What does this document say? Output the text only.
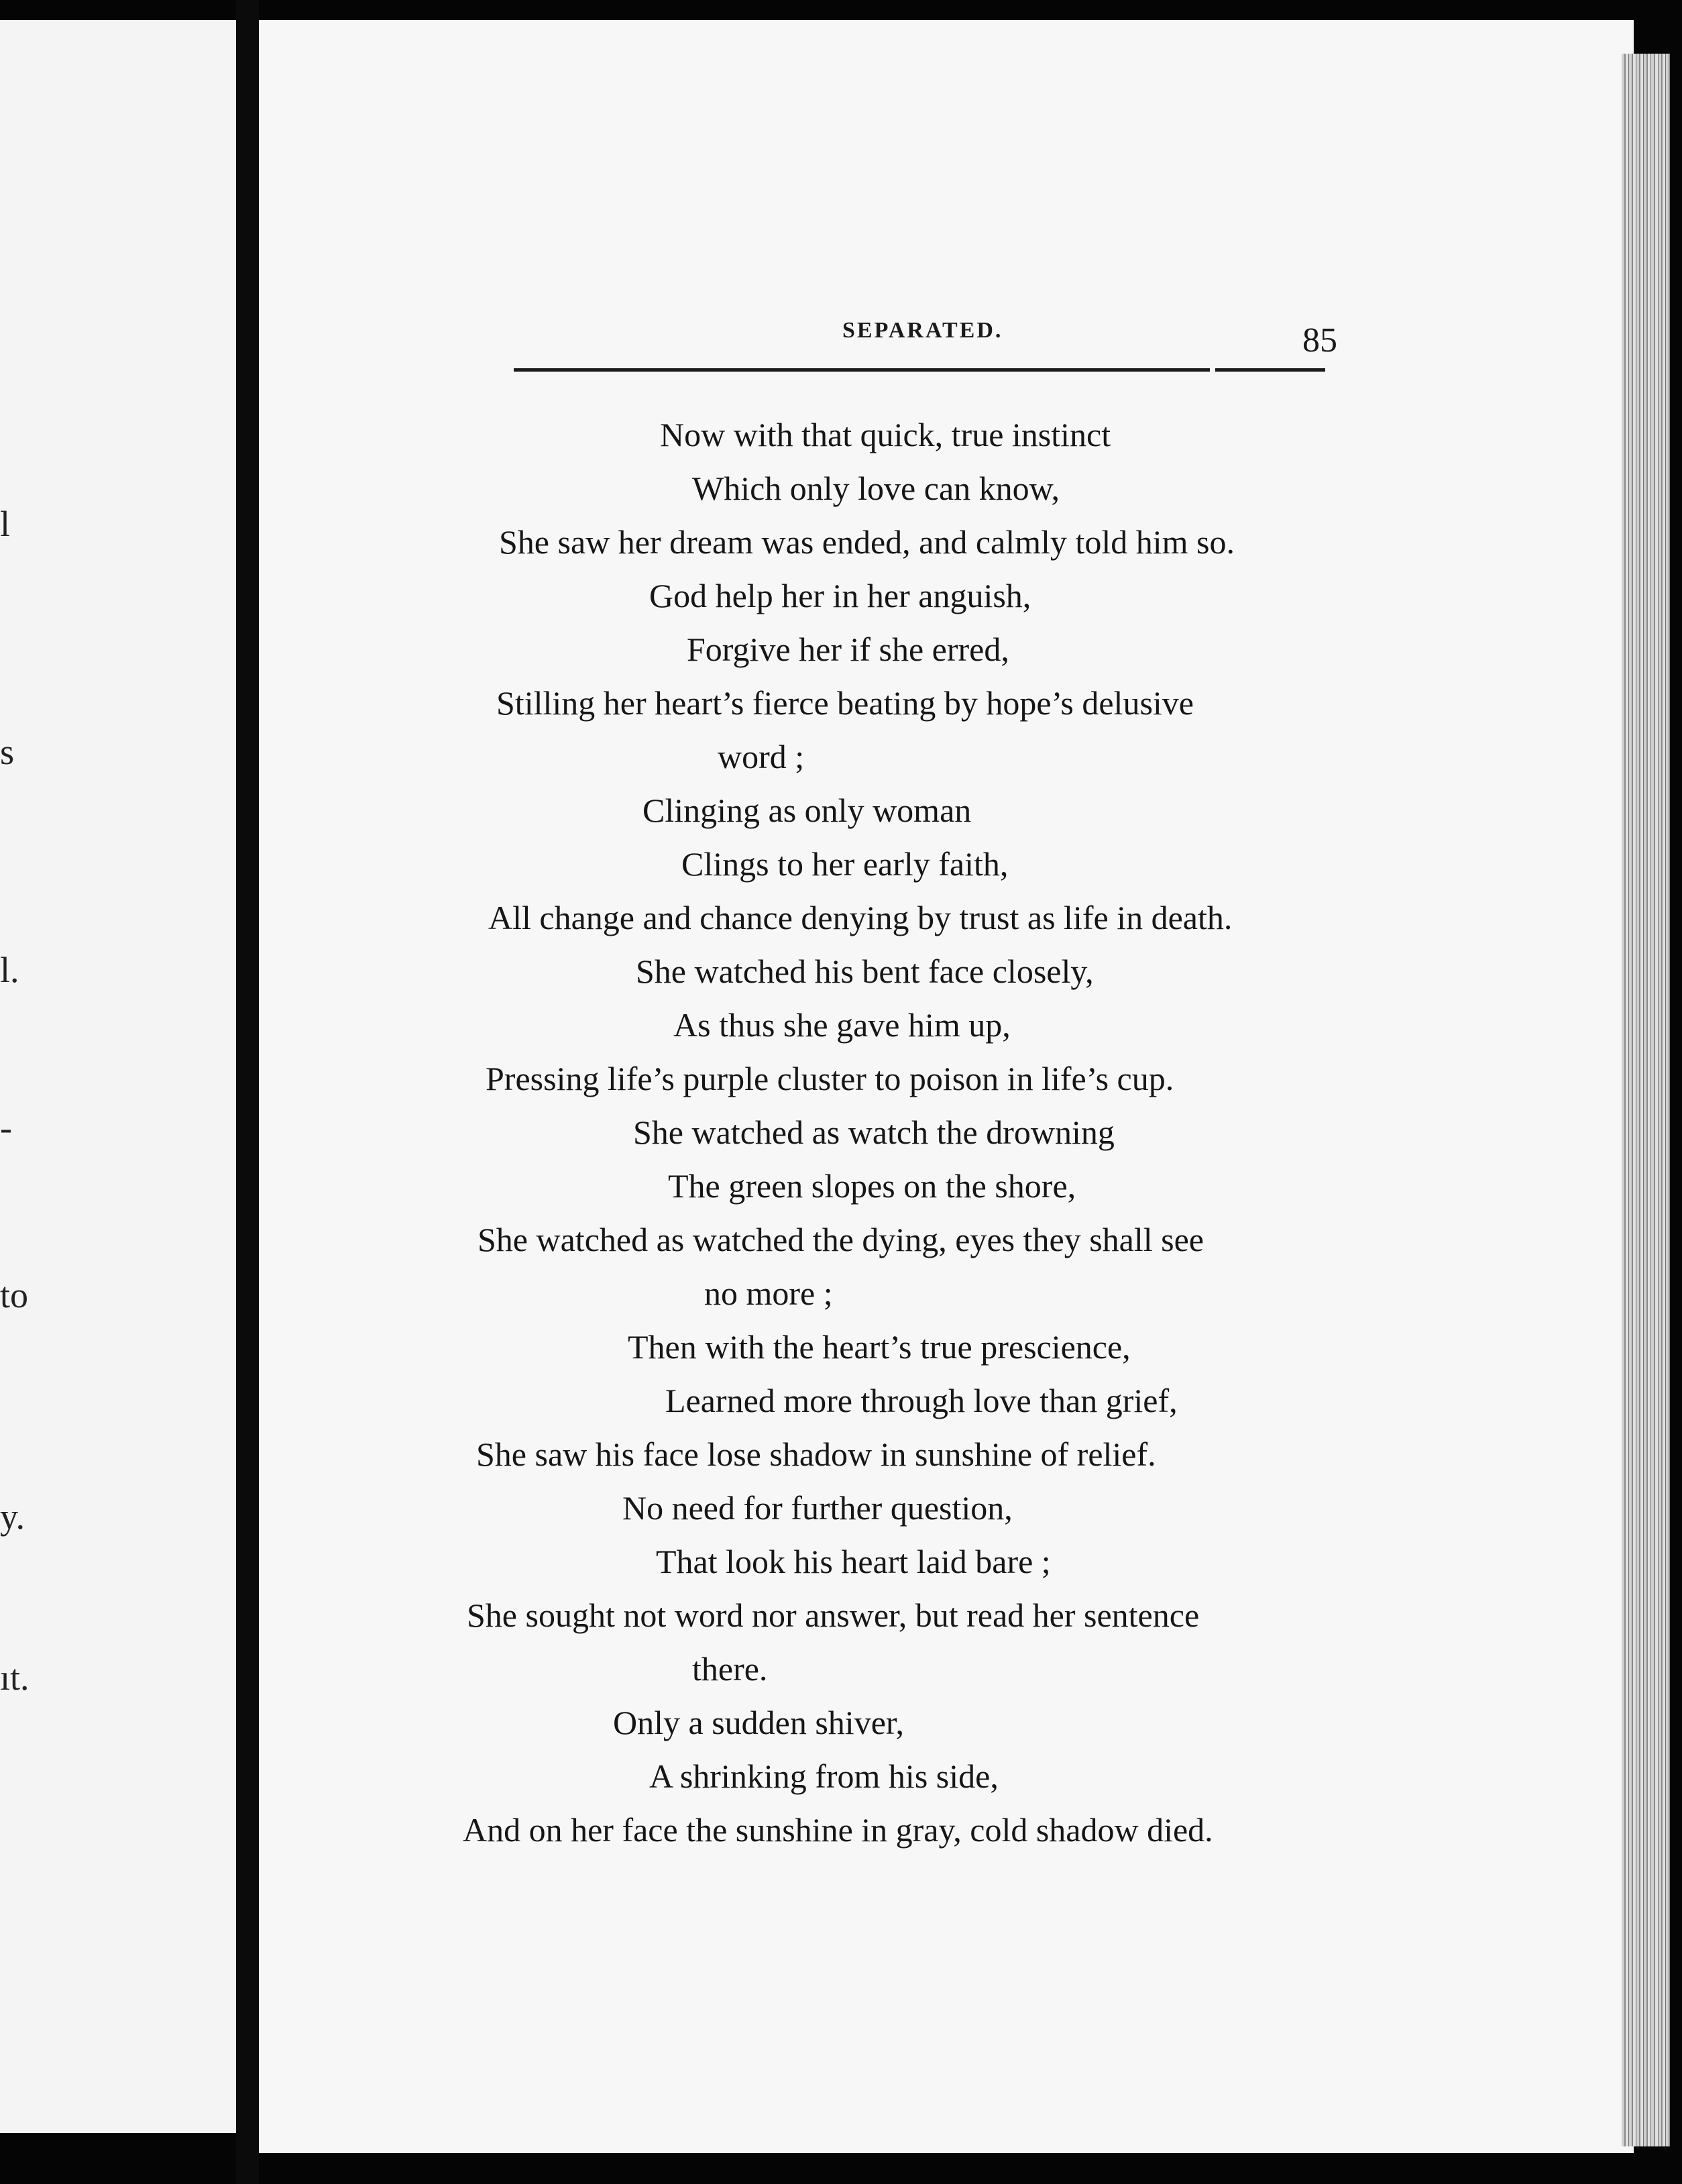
l
s
l.
-
to
y.
ıt.
SEPARATED.	85
Now with that quick, true instinct
Which only love can know,
She saw her dream was ended, and calmly told him so.
God help her in her anguish,
Forgive her if she erred,
Stilling her heart’s fierce beating by hope’s delusive
word ;
Clinging as only woman
Clings to her early faith,
All change and chance denying by trust as life in death.
She watched his bent face closely,
As thus she gave him up,
Pressing life’s purple cluster to poison in life’s cup.
She watched as watch the drowning
The green slopes on the shore,
She watched as watched the dying, eyes they shall see
no more ;
Then with the heart’s true prescience,
Learned more through love than grief,
She saw his face lose shadow in sunshine of relief.
No need for further question,
That look his heart laid bare ;
She sought not word nor answer, but read her sentence
there.
Only a sudden shiver,
A shrinking from his side,
And on her face the sunshine in gray, cold shadow died.
